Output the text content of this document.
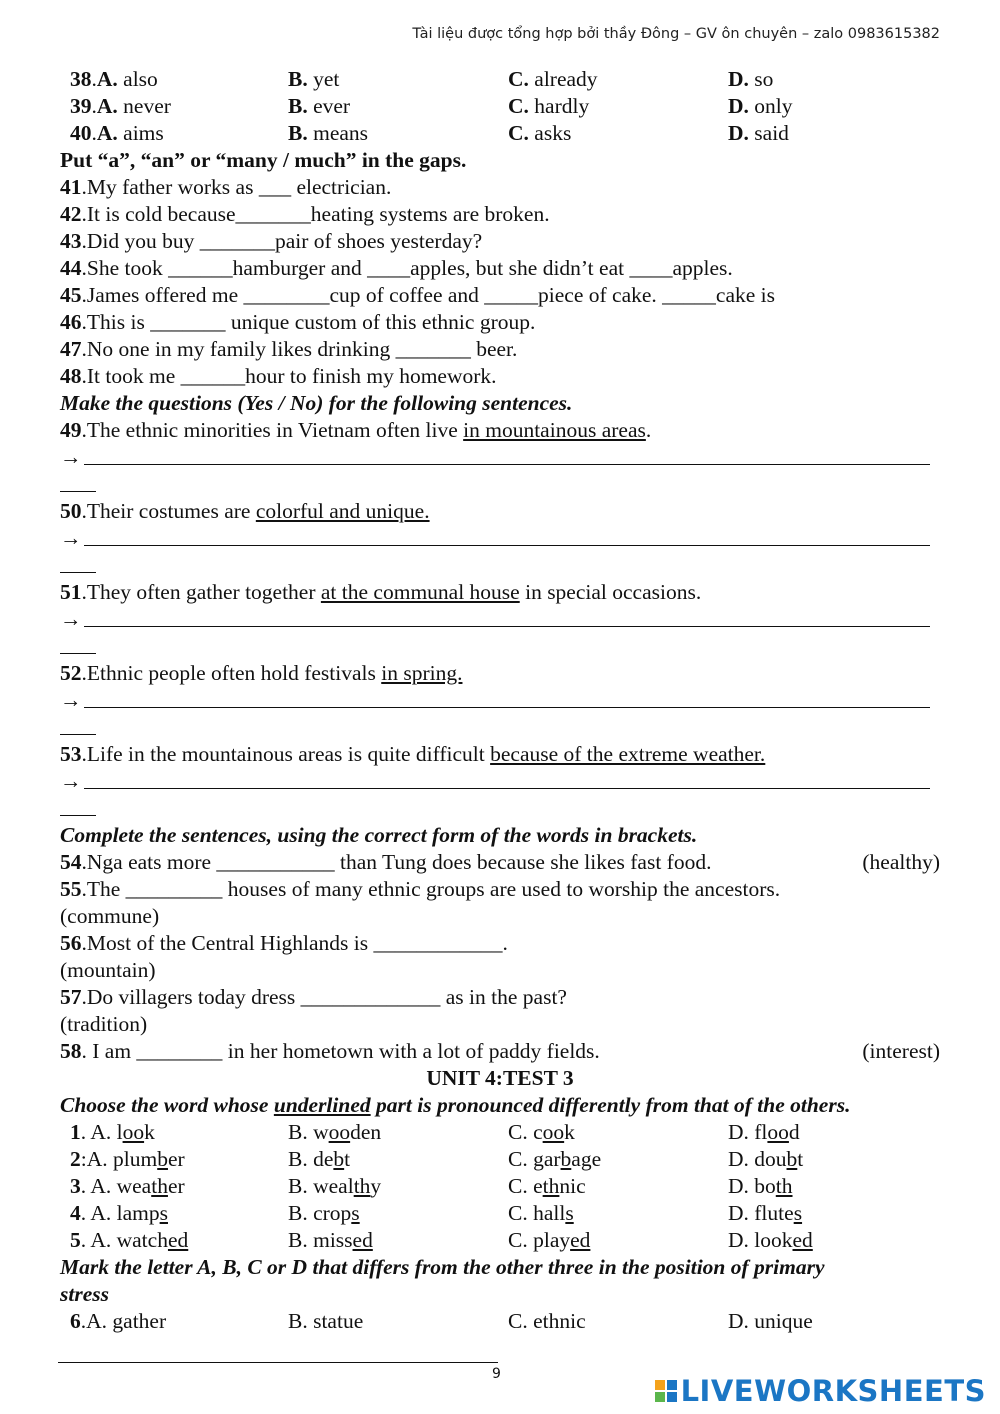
Tài liệu được tổng hợp bởi thầy Đông – GV ôn chuyên – zalo 0983615382
38.A. also	B. yet	C. already	D. so
39.A. never	B. ever	C. hardly	D. only
40.A. aims	B. means	C. asks	D. said
Put “a”, “an” or “many / much” in the gaps.
41.My father works as ___ electrician.
42.It is cold because_______heating systems are broken.
43.Did you buy _______pair of shoes yesterday?
44.She took ______hamburger and ____apples, but she didn’t eat ____apples.
45.James offered me ________cup of coffee and _____piece of cake. _____cake is
46.This is _______ unique custom of this ethnic group.
47.No one in my family likes drinking _______ beer.
48.It took me ______hour to finish my homework.
Make the questions (Yes / No) for the following sentences.
49.The ethnic minorities in Vietnam often live in mountainous areas.
→
50.Their costumes are colorful and unique.
→
51.They often gather together at the communal house in special occasions.
→
52.Ethnic people often hold festivals in spring.
→
53.Life in the mountainous areas is quite difficult because of the extreme weather.
→
Complete the sentences, using the correct form of the words in brackets.
54.Nga eats more ___________ than Tung does because she likes fast food.	(healthy)
55.The _________ houses of many ethnic groups are used to worship the ancestors.
(commune)
56.Most of the Central Highlands is ____________.
(mountain)
57.Do villagers today dress _____________ as in the past?
(tradition)
58. I am ________ in her hometown with a lot of paddy fields.	(interest)
UNIT 4:TEST 3
Choose the word whose underlined part is pronounced differently from that of the others.
1. A. look	B. wooden	C. cook	D. flood
2:A. plumber	B. debt	C. garbage	D. doubt
3. A. weather	B. wealthy	C. ethnic	D. both
4. A. lamps	B. crops	C. halls	D. flutes
5. A. watched	B. missed	C. played	D. looked
Mark the letter A, B, C or D that differs from the other three in the position of primary
stress
6.A. gather	B. statue	C. ethnic	D. unique
9	LIVEWORKSHEETS
